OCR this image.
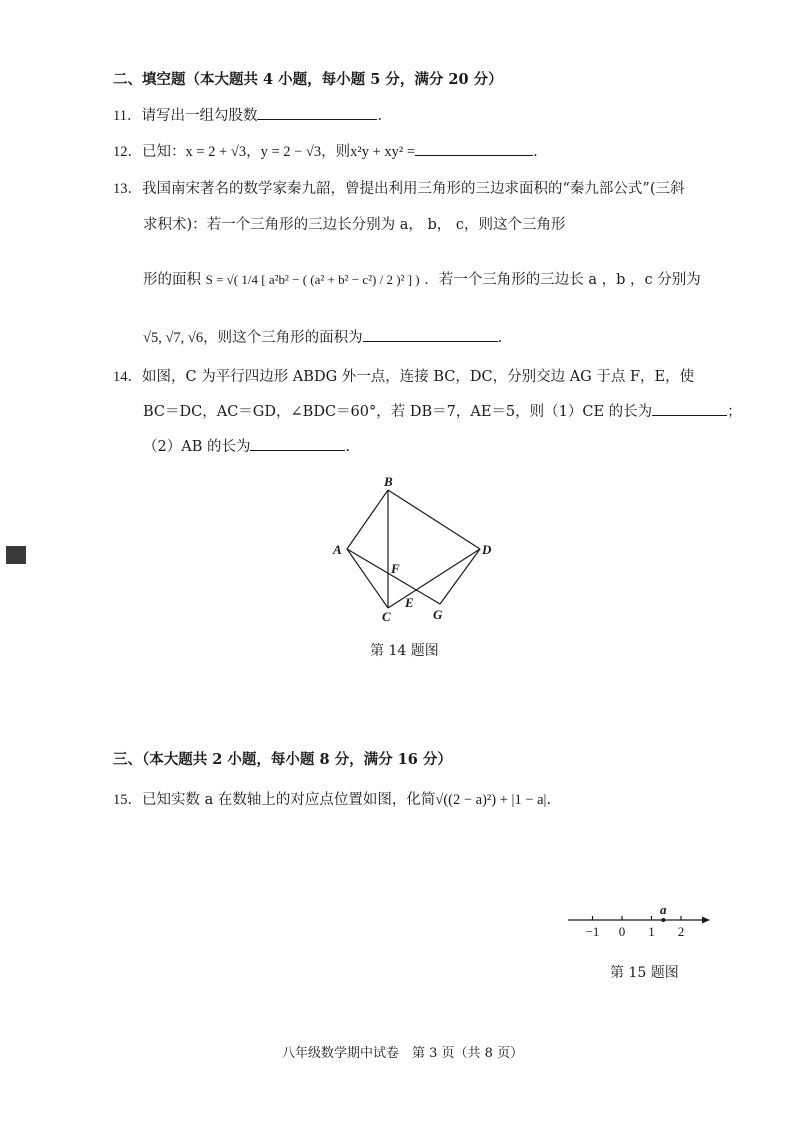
二、填空题（本大题共 4 小题，每小题 5 分，满分 20 分）
11．请写出一组勾股数	.
12．已知：x = 2 + √3，y = 2 − √3，则x²y + xy² =	.
13．我国南宋著名的数学家秦九韶，曾提出利用三角形的三边求面积的“秦九部公式”(三斜
求积术)：若一个三角形的三边长分别为 a， b， c，则这个三角形
形的面积 S = √( 1/4 [ a²b² − ( (a² + b² − c²) / 2 )² ] ) ．若一个三角形的三边长 a ，b ，c 分别为
√5, √7, √6，则这个三角形的面积为	.
14．如图，C 为平行四边形 ABDG 外一点，连接 BC，DC，分别交边 AG 于点 F，E，使
BC＝DC，AC＝GD，∠BDC＝60°，若 DB＝7，AE＝5，则（1）CE 的长为	；
（2）AB 的长为	.
B
A	D
F
C
E
G
第 14 题图
三、（本大题共 2 小题，每小题 8 分，满分 16 分）
15．已知实数 a 在数轴上的对应点位置如图，化简√((2 − a)²) + |1 − a|.
−1 0 1 2
a
第 15 题图
八年级数学期中试卷　第 3 页（共 8 页）
